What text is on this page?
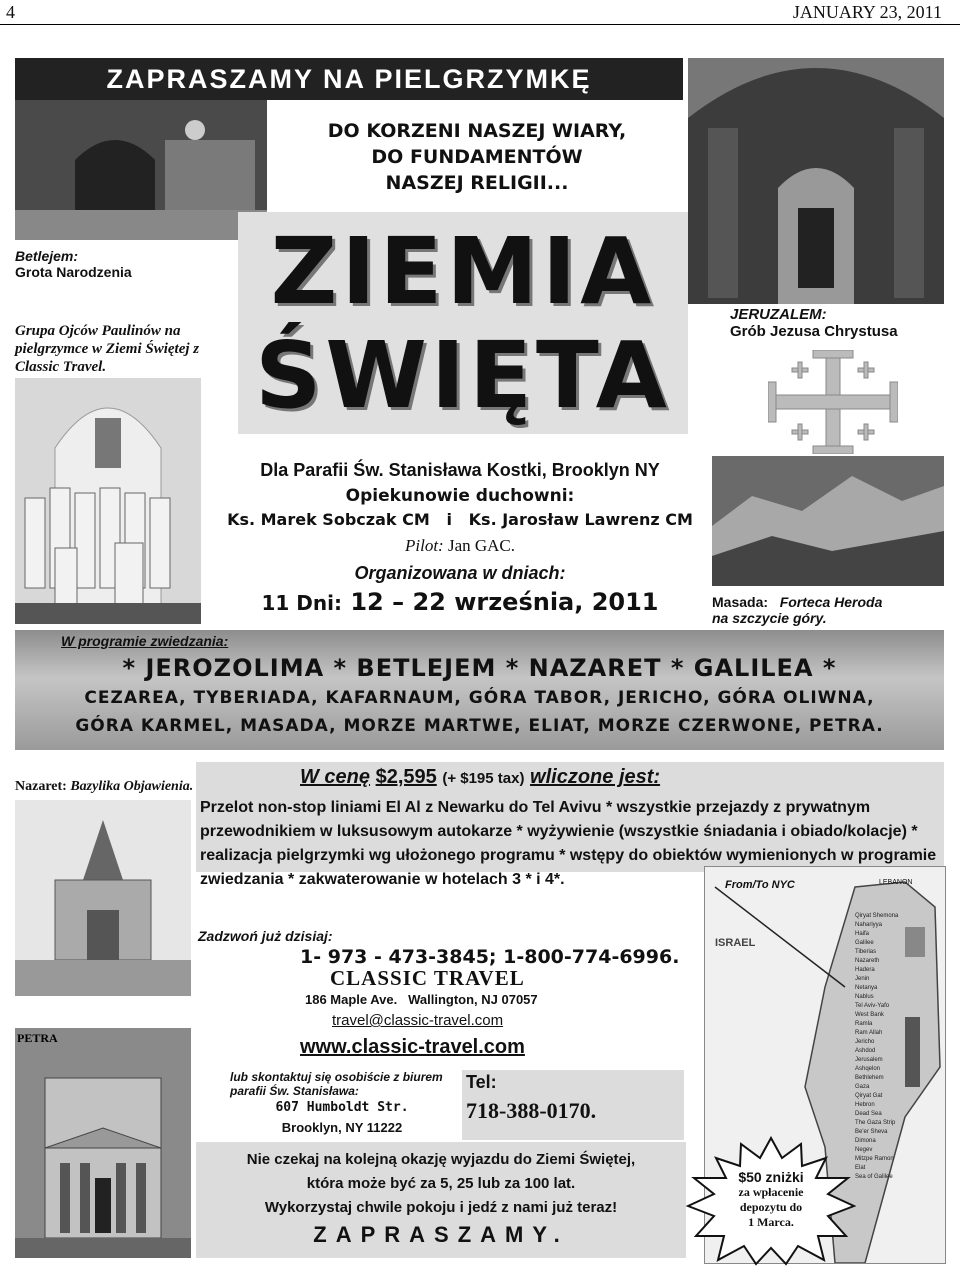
4	JANUARY 23, 2011
ZAPRASZAMY NA PIELGRZYMKĘ
Betlejem:
Grota Narodzenia
DO KORZENI NASZEJ WIARY,
DO FUNDAMENTÓW
NASZEJ RELIGII...
ZIEMIA
ŚWIĘTA
JERUZALEM:
Grób Jezusa Chrystusa
Grupa Ojców Paulinów na pielgrzymce w Ziemi Świętej z Classic Travel.
Dla Parafii Św. Stanisława Kostki, Brooklyn NY
Opiekunowie duchowni:
Ks. Marek Sobczak CM   i   Ks. Jarosław Lawrenz CM
Pilot: Jan GAC.
Organizowana w dniach:
11 Dni: 12 – 22 września, 2011	Masada: Forteca Heroda
na szczycie góry.
W programie zwiedzania:
* JEROZOLIMA * BETLEJEM * NAZARET * GALILEA *
CEZAREA, TYBERIADA, KAFARNAUM, GÓRA TABOR, JERICHO, GÓRA OLIWNA,
GÓRA KARMEL, MASADA, MORZE MARTWE, ELIAT, MORZE CZERWONE, PETRA.
Nazaret: Bazylika Objawienia.	W cenę $2,595 (+ $195 tax) wliczone jest:
Przelot non-stop liniami El Al z Newarku do Tel Avivu * wszystkie przejazdy z prywatnym przewodnikiem w luksusowym autokarze * wyżywienie (wszystkie śniadania i obiado/kolacje) * realizacja pielgrzymki wg ułożonego programu * wstępy do obiektów wymienionych w programie zwiedzania * zakwaterowanie w hotelach 3 * i 4*.	From/To NYC	LEBANON
ISRAEL
Qiryat Shemona
Nahariyya
Haifa
Galilee
Tiberias
Nazareth
Hadera
Jenin
Netanya
Nablus
Tel Aviv-Yafo
West Bank
Ramla
Ram Allah
Jericho
Ashdod
Jerusalem
Ashqelon
Bethlehem
Gaza
Qiryat Gat
Hebron
Dead Sea
The Gaza Strip
Be'er Sheva
Dimona
Negev
Mitzpe Ramon
Elat
Sea of Galilee
Zadzwoń już dzisiaj:
1- 973 - 473-3845; 1-800-774-6996.
CLASSIC TRAVEL
186 Maple Ave.   Wallington, NJ 07057
travel@classic-travel.com
www.classic-travel.com
lub skontaktuj się osobiście z biurem parafii Św. Stanisława:
607 Humboldt Str.
Brooklyn, NY 11222
Tel:
718-388-0170.
PETRA
Nie czekaj na kolejną okazję wyjazdu do Ziemi Świętej,
która może być za 5, 25 lub za 100 lat.
Wykorzystaj chwile pokoju i jedź z nami już teraz!
ZAPRASZAMY.
$50 zniżki
za wpłacenie
depozytu do
1 Marca.
